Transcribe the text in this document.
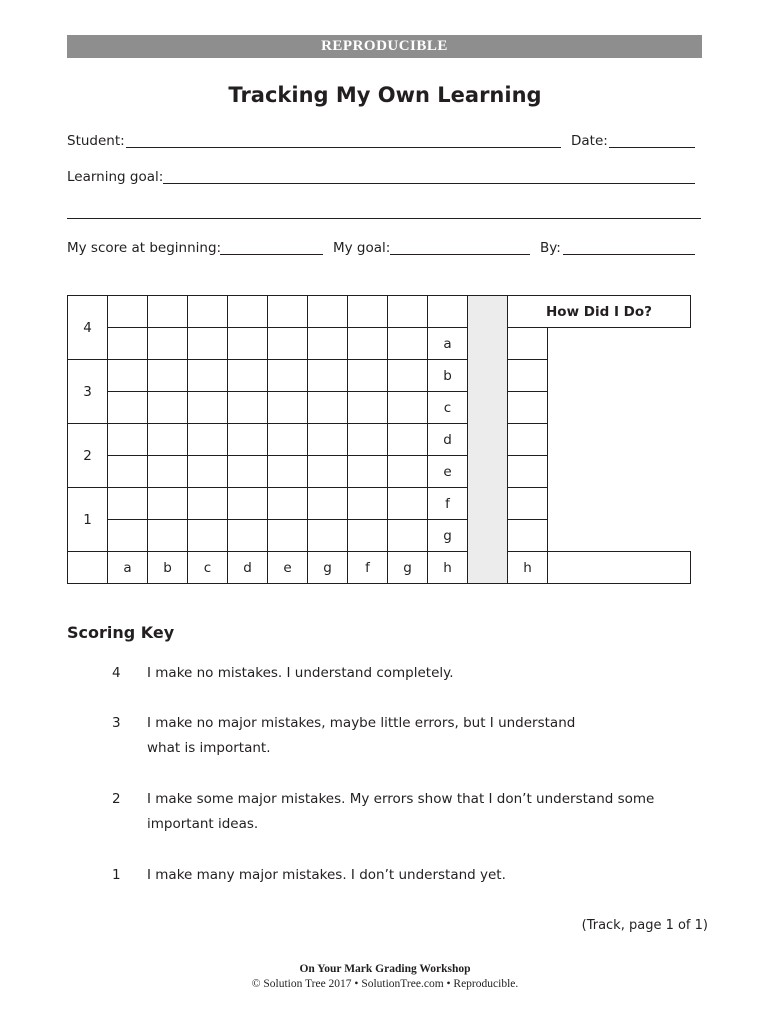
REPRODUCIBLE
Tracking My Own Learning
Student:	Date:
Learning goal:
My score at beginning:	My goal:	By:
4											How Did I Do?	
									a			
3									b			
									c			
2									d			
									e			
1									f			
									g			
	a	b	c	d	e	g	f	g	h		h	
Scoring Key
4 I make no mistakes. I understand completely.
3 I make no major mistakes, maybe little errors, but I understand
what is important.
2 I make some major mistakes. My errors show that I don’t understand some
important ideas.
1 I make many major mistakes. I don’t understand yet.
(Track, page 1 of 1)
On Your Mark Grading Workshop
© Solution Tree 2017 • SolutionTree.com • Reproducible.
